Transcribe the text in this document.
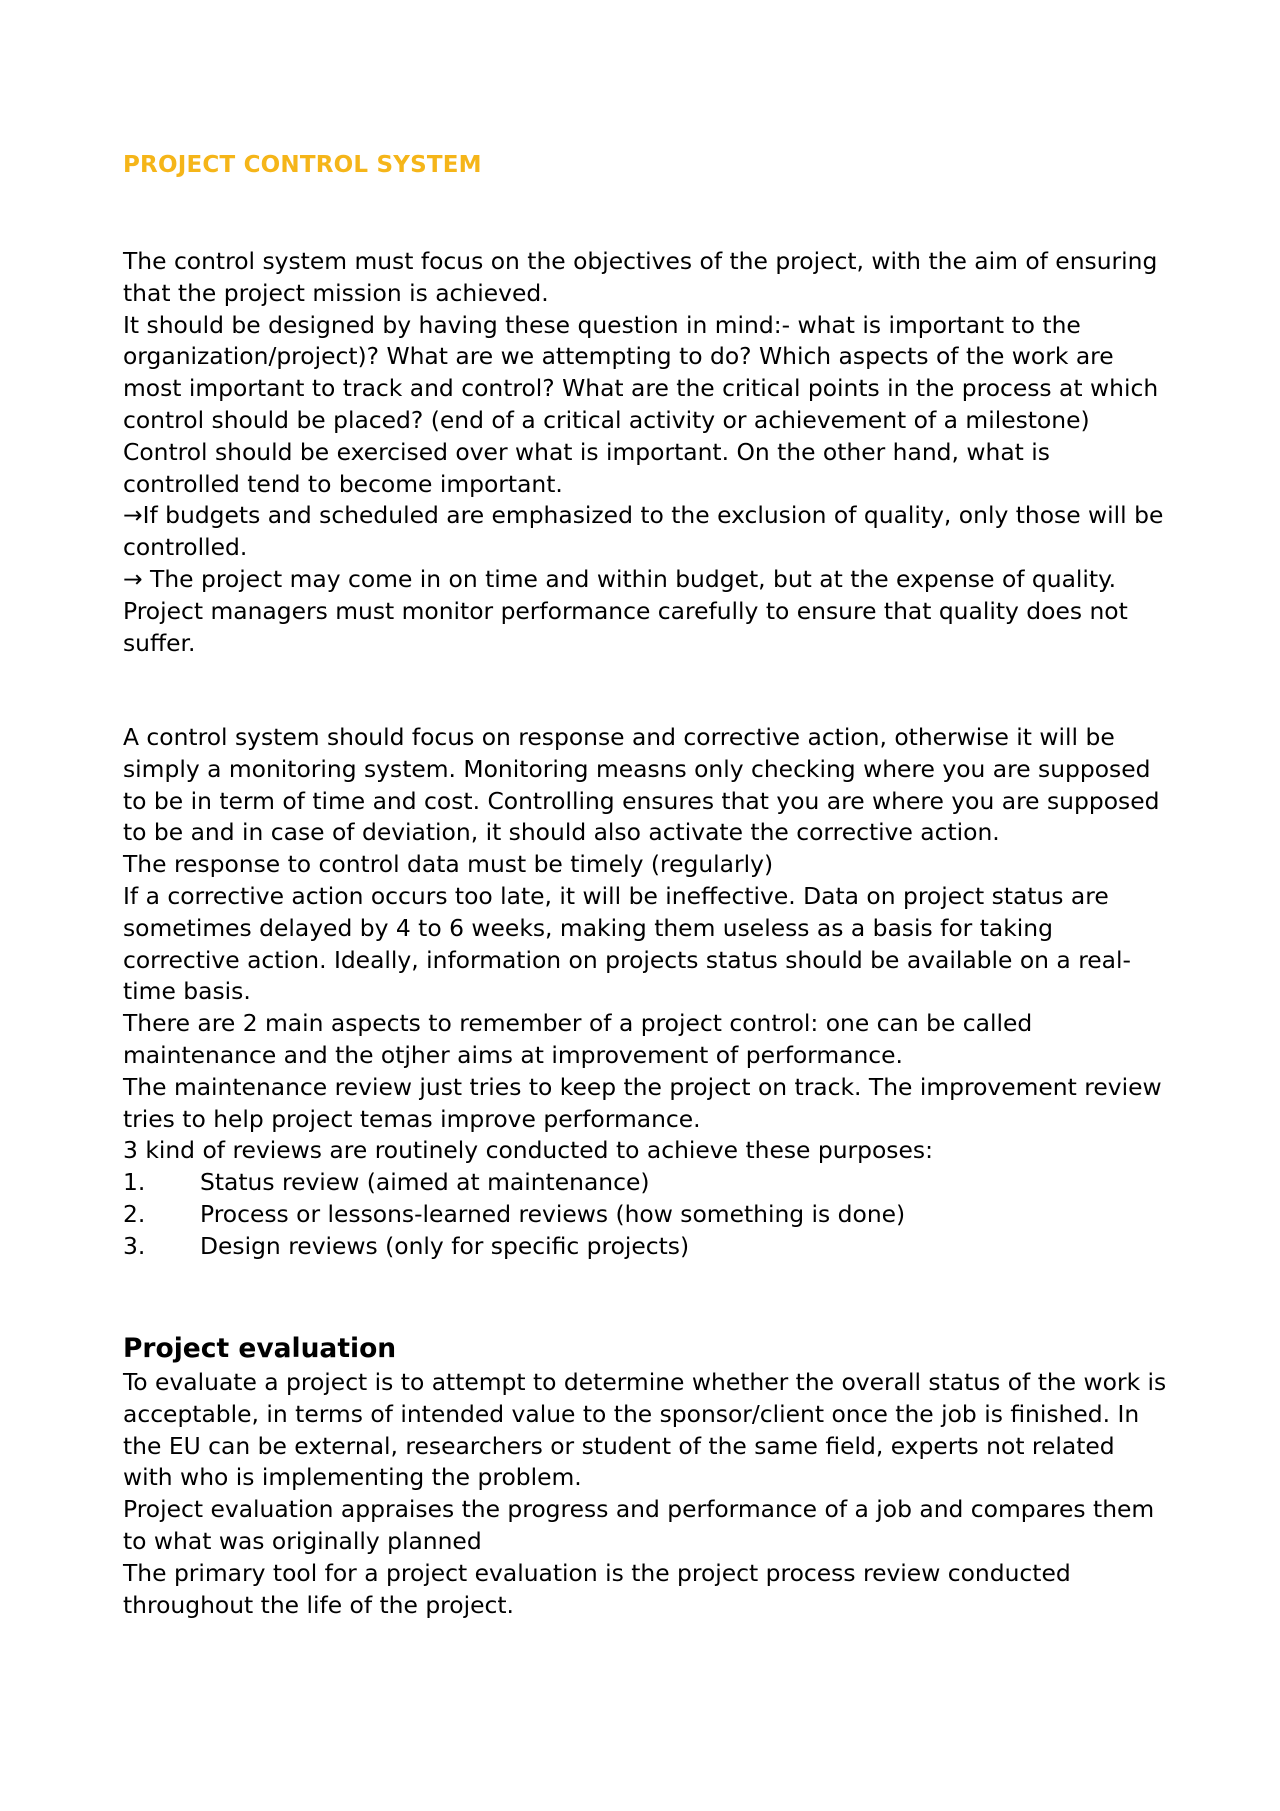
PROJECT CONTROL SYSTEM

The control system must focus on the objectives of the project, with the aim of ensuring that the project mission is achieved.

It should be designed by having these question in mind:- what is important to the organization/project)? What are we attempting to do? Which aspects of the work are most important to track and control? What are the critical points in the process at which control should be placed? (end of a critical activity or achievement of a milestone)

Control should be exercised over what is important. On the other hand, what is controlled tend to become important.

→If budgets and scheduled are emphasized to the exclusion of quality, only those will be controlled.

→ The project may come in on time and within budget, but at the expense of quality. Project managers must monitor performance carefully to ensure that quality does not suffer.

A control system should focus on response and corrective action, otherwise it will be simply a monitoring system. Monitoring measns only checking where you are supposed to be in term of time and cost. Controlling ensures that you are where you are supposed to be and in case of deviation, it should also activate the corrective action.

The response to control data must be timely (regularly)

If a corrective action occurs too late, it will be ineffective. Data on project status are sometimes delayed by 4 to 6 weeks, making them useless as a basis for taking corrective action. Ideally, information on projects status should be available on a real-time basis.

There are 2 main aspects to remember of a project control: one can be called maintenance and the otjher aims at improvement of performance.

The maintenance review just tries to keep the project on track. The improvement review tries to help project temas improve performance.

3 kind of reviews are routinely conducted to achieve these purposes:

1.	Status review (aimed at maintenance)
2.	Process or lessons-learned reviews (how something is done)
3.	Design reviews (only for specific projects)
Project evaluation

To evaluate a project is to attempt to determine whether the overall status of the work is acceptable, in terms of intended value to the sponsor/client once the job is finished. In the EU can be external, researchers or student of the same field, experts not related with who is implementing the problem.

Project evaluation appraises the progress and performance of a job and compares them to what was originally planned

The primary tool for a project evaluation is the project process review conducted throughout the life of the project.
